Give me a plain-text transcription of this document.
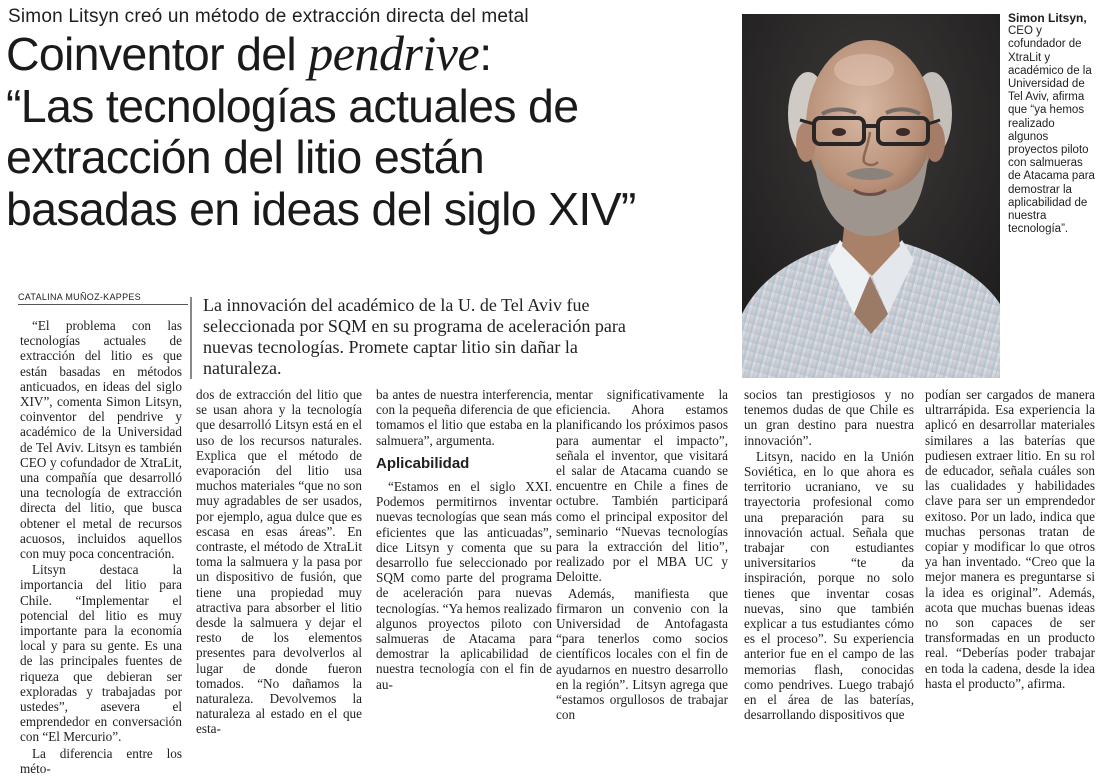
Simon Litsyn creó un método de extracción directa del metal
Coinventor del pendrive:
“Las tecnologías actuales de
extracción del litio están
basadas en ideas del siglo XIV”
CATALINA MUÑOZ-KAPPES	La innovación del académico de la U. de Tel Aviv fue seleccionada por SQM en su programa de aceleración para nuevas tecnologías. Promete captar litio sin dañar la naturaleza.
Simon Litsyn,
CEO y cofundador de XtraLit y académico de la Universidad de Tel Aviv, afirma que “ya hemos realizado algunos proyectos piloto con salmueras de Atacama para demostrar la aplicabilidad de nuestra tecnología”.

“El problema con las tecnologías actuales de extracción del litio es que están basadas en métodos anticuados, en ideas del siglo XIV”, comenta Simon Litsyn, coinventor del pendrive y académico de la Universidad de Tel Aviv. Litsyn es también CEO y cofundador de XtraLit, una compañía que desarrolló una tecnología de extracción directa del litio, que busca obtener el metal de recursos acuosos, incluidos aquellos con muy poca concentración.

Litsyn destaca la importancia del litio para Chile. “Implementar el potencial del litio es muy importante para la economía local y para su gente. Es una de las principales fuentes de riqueza que debieran ser exploradas y trabajadas por ustedes”, asevera el emprendedor en conversación con “El Mercurio”.

La diferencia entre los méto-

dos de extracción del litio que se usan ahora y la tecnología que desarrolló Litsyn está en el uso de los recursos naturales. Explica que el método de evaporación del litio usa muchos materiales “que no son muy agradables de ser usados, por ejemplo, agua dulce que es escasa en esas áreas”. En contraste, el método de XtraLit toma la salmuera y la pasa por un dispositivo de fusión, que tiene una propiedad muy atractiva para absorber el litio desde la salmuera y dejar el resto de los elementos presentes para devolverlos al lugar de donde fueron tomados. “No dañamos la naturaleza. Devolvemos la naturaleza al estado en el que esta-

ba antes de nuestra interferencia, con la pequeña diferencia de que tomamos el litio que estaba en la salmuera”, argumenta.

Aplicabilidad

“Estamos en el siglo XXI. Podemos permitirnos inventar nuevas tecnologías que sean más eficientes que las anticuadas”, dice Litsyn y comenta que su desarrollo fue seleccionado por SQM como parte del programa de aceleración para nuevas tecnologías. “Ya hemos realizado algunos proyectos piloto con salmueras de Atacama para demostrar la aplicabilidad de nuestra tecnología con el fin de au-

mentar significativamente la eficiencia. Ahora estamos planificando los próximos pasos para aumentar el impacto”, señala el inventor, que visitará el salar de Atacama cuando se encuentre en Chile a fines de octubre. También participará como el principal expositor del seminario “Nuevas tecnologías para la extracción del litio”, realizado por el MBA UC y Deloitte.

Además, manifiesta que firmaron un convenio con la Universidad de Antofagasta “para tenerlos como socios científicos locales con el fin de ayudarnos en nuestro desarrollo en la región”. Litsyn agrega que “estamos orgullosos de trabajar con

socios tan prestigiosos y no tenemos dudas de que Chile es un gran destino para nuestra innovación”.

Litsyn, nacido en la Unión Soviética, en lo que ahora es territorio ucraniano, ve su trayectoria profesional como una preparación para su innovación actual. Señala que trabajar con estudiantes universitarios “te da inspiración, porque no solo tienes que inventar cosas nuevas, sino que también explicar a tus estudiantes cómo es el proceso”. Su experiencia anterior fue en el campo de las memorias flash, conocidas como pendrives. Luego trabajó en el área de las baterías, desarrollando dispositivos que

podían ser cargados de manera ultrarrápida. Esa experiencia la aplicó en desarrollar materiales similares a las baterías que pudiesen extraer litio. En su rol de educador, señala cuáles son las cualidades y habilidades clave para ser un emprendedor exitoso. Por un lado, indica que muchas personas tratan de copiar y modificar lo que otros ya han inventado. “Creo que la mejor manera es preguntarse si la idea es original”. Además, acota que muchas buenas ideas no son capaces de ser transformadas en un producto real. “Deberías poder trabajar en toda la cadena, desde la idea hasta el producto”, afirma.
